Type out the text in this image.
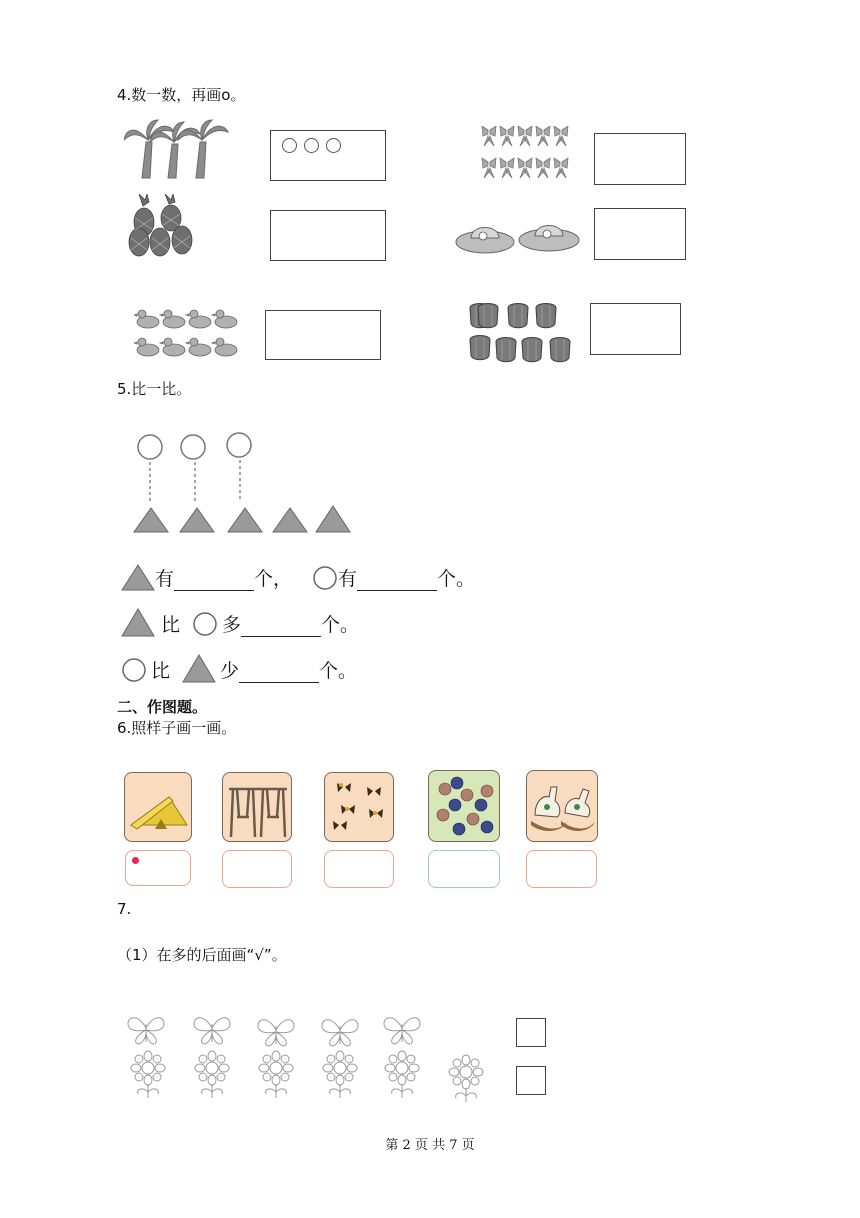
4.数一数，再画o。
5.比一比。
有	个， 有	个。
比 多	个。
比	少	个。
二、作图题。
6.照样子画一画。
7.
（1）在多的后面画“√”。
第 2 页 共 7 页
